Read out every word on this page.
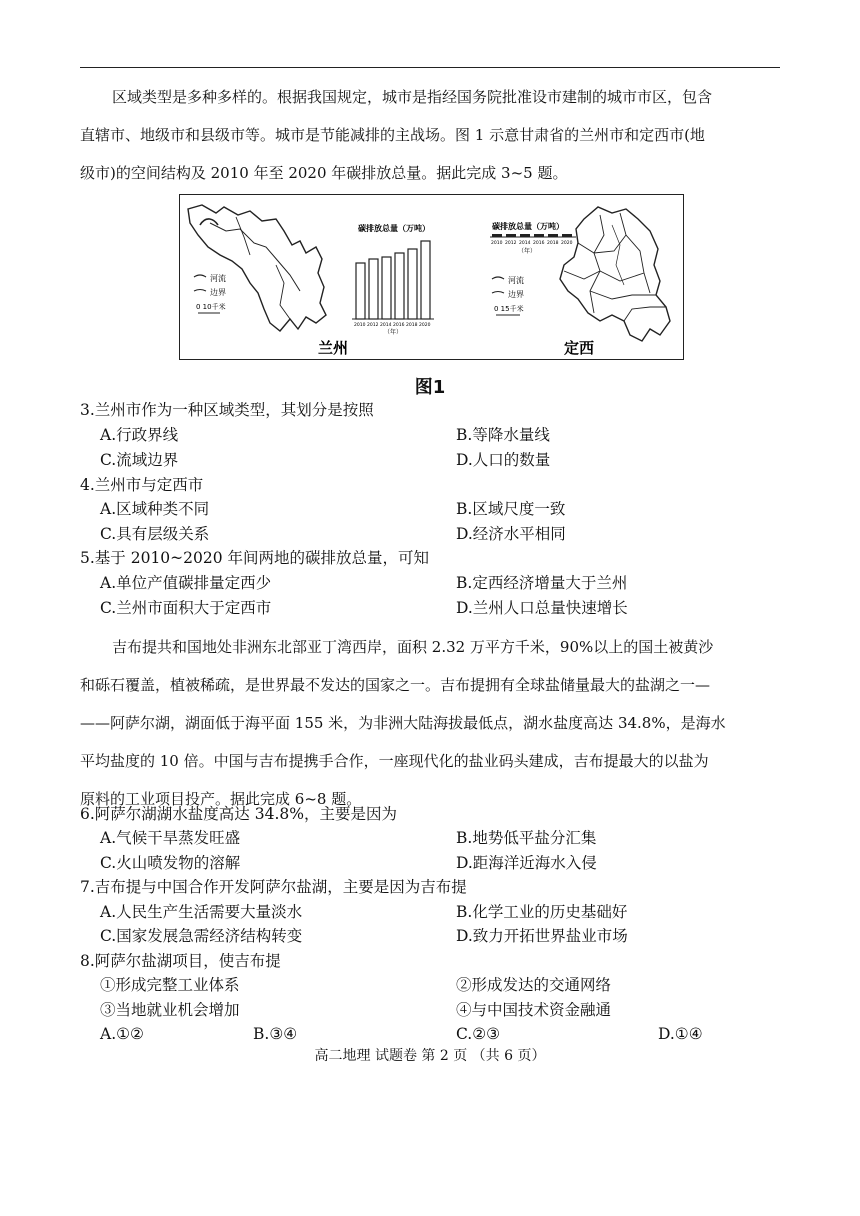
区域类型是多种多样的。根据我国规定，城市是指经国务院批准设市建制的城市市区，包含
直辖市、地级市和县级市等。城市是节能减排的主战场。图 1 示意甘肃省的兰州市和定西市(地
级市)的空间结构及 2010 年至 2020 年碳排放总量。据此完成 3~5 题。

河流
边界
0 10千米
碳排放总量（万吨）
2010 2012 2014 2016 2018 2020
（年）
兰州
碳排放总量（万吨）
2010 2012 2014 2016 2018 2020
（年）
河流
边界
0 15千米
定西
图1
3.兰州市作为一种区域类型，其划分是按照
A.行政界线	B.等降水量线
C.流域边界	D.人口的数量
4.兰州市与定西市
A.区域种类不同	B.区域尺度一致
C.具有层级关系	D.经济水平相同
5.基于 2010~2020 年间两地的碳排放总量，可知
A.单位产值碳排量定西少	B.定西经济增量大于兰州
C.兰州市面积大于定西市	D.兰州人口总量快速增长

吉布提共和国地处非洲东北部亚丁湾西岸，面积 2.32 万平方千米，90%以上的国土被黄沙
和砾石覆盖，植被稀疏，是世界最不发达的国家之一。吉布提拥有全球盐储量最大的盐湖之一—
——阿萨尔湖，湖面低于海平面 155 米，为非洲大陆海拔最低点，湖水盐度高达 34.8%，是海水
平均盐度的 10 倍。中国与吉布提携手合作，一座现代化的盐业码头建成，吉布提最大的以盐为
原料的工业项目投产。据此完成 6~8 题。

6.阿萨尔湖湖水盐度高达 34.8%，主要是因为
A.气候干旱蒸发旺盛	B.地势低平盐分汇集
C.火山喷发物的溶解	D.距海洋近海水入侵
7.吉布提与中国合作开发阿萨尔盐湖，主要是因为吉布提
A.人民生产生活需要大量淡水	B.化学工业的历史基础好
C.国家发展急需经济结构转变	D.致力开拓世界盐业市场
8.阿萨尔盐湖项目，使吉布提
①形成完整工业体系	②形成发达的交通网络
③当地就业机会增加	④与中国技术资金融通
A.①②	B.③④	C.②③	D.①④
高二地理 试题卷 第 2 页 （共 6 页）
